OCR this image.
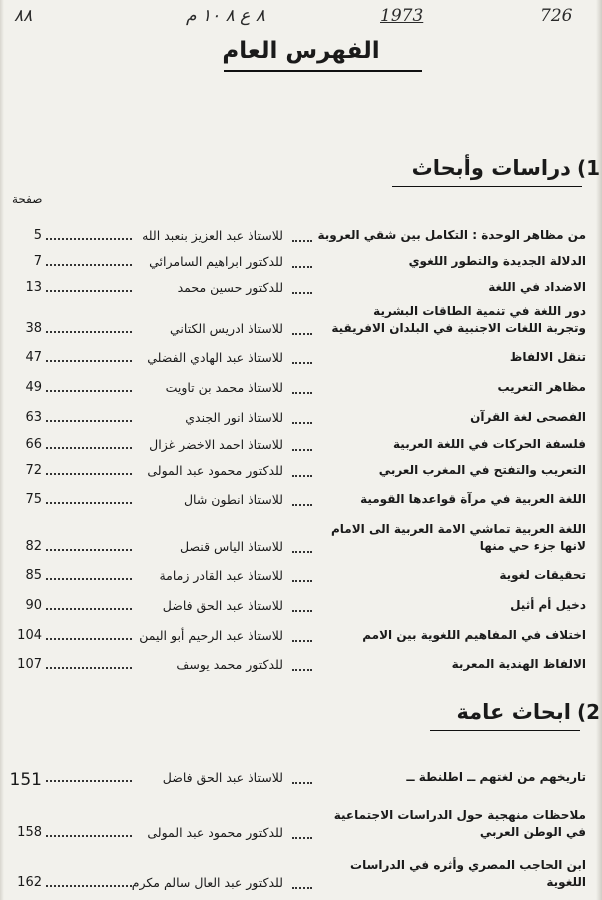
٨٨	٨ ع ٨ ١٠ م	1973	726
الفهرس العام
1)
دراسات وأبحاث
صفحة
من مظاهر الوحدة : التكامل بين شقي العروبة
للاستاذ عبد العزيز بنعبد الله
5
الدلالة الجديدة والتطور اللغوي
للدكتور ابراهيم السامرائي
7
الاضداد في اللغة
للدكتور حسين محمد
13
دور اللغة في تنمية الطاقات البشرية
وتجربة اللغات الاجنبية في البلدان الافريقية
للاستاذ ادريس الكتاني
38
تنقل الالفاظ
للاستاذ عبد الهادي الفضلي
47
مظاهر التعريب
للاستاذ محمد بن تاويت
49
الفصحى لغة القرآن
للاستاذ انور الجندي
63
فلسفة الحركات في اللغة العربية
للاستاذ احمد الاخضر غزال
66
التعريب والتفتح في المغرب العربي
للدكتور محمود عبد المولى
72
اللغة العربية في مرآة قواعدها القومية
للاستاذ انطون شال
75
اللغة العربية تماشي الامة العربية الى الامام
لانها جزء حي منها
للاستاذ الياس قنصل
82
تحقيقات لغوية
للاستاذ عبد القادر زمامة
85
دخيل أم أثيل
للاستاذ عبد الحق فاضل
90
اختلاف في المفاهيم اللغوية بين الامم
للاستاذ عبد الرحيم أبو اليمن
104
الالفاظ الهندية المعربة
للدكتور محمد يوسف
107
2)
ابحاث عامة
تاريخهم من لغتهم ــ اطلنطة ــ
للاستاذ عبد الحق فاضل
151
ملاحظات منهجية حول الدراسات الاجتماعية
في الوطن العربي
للدكتور محمود عبد المولى
158
ابن الحاجب المصري وأثره في الدراسات
اللغوية
للدكتور عبد العال سالم مكرم
162
